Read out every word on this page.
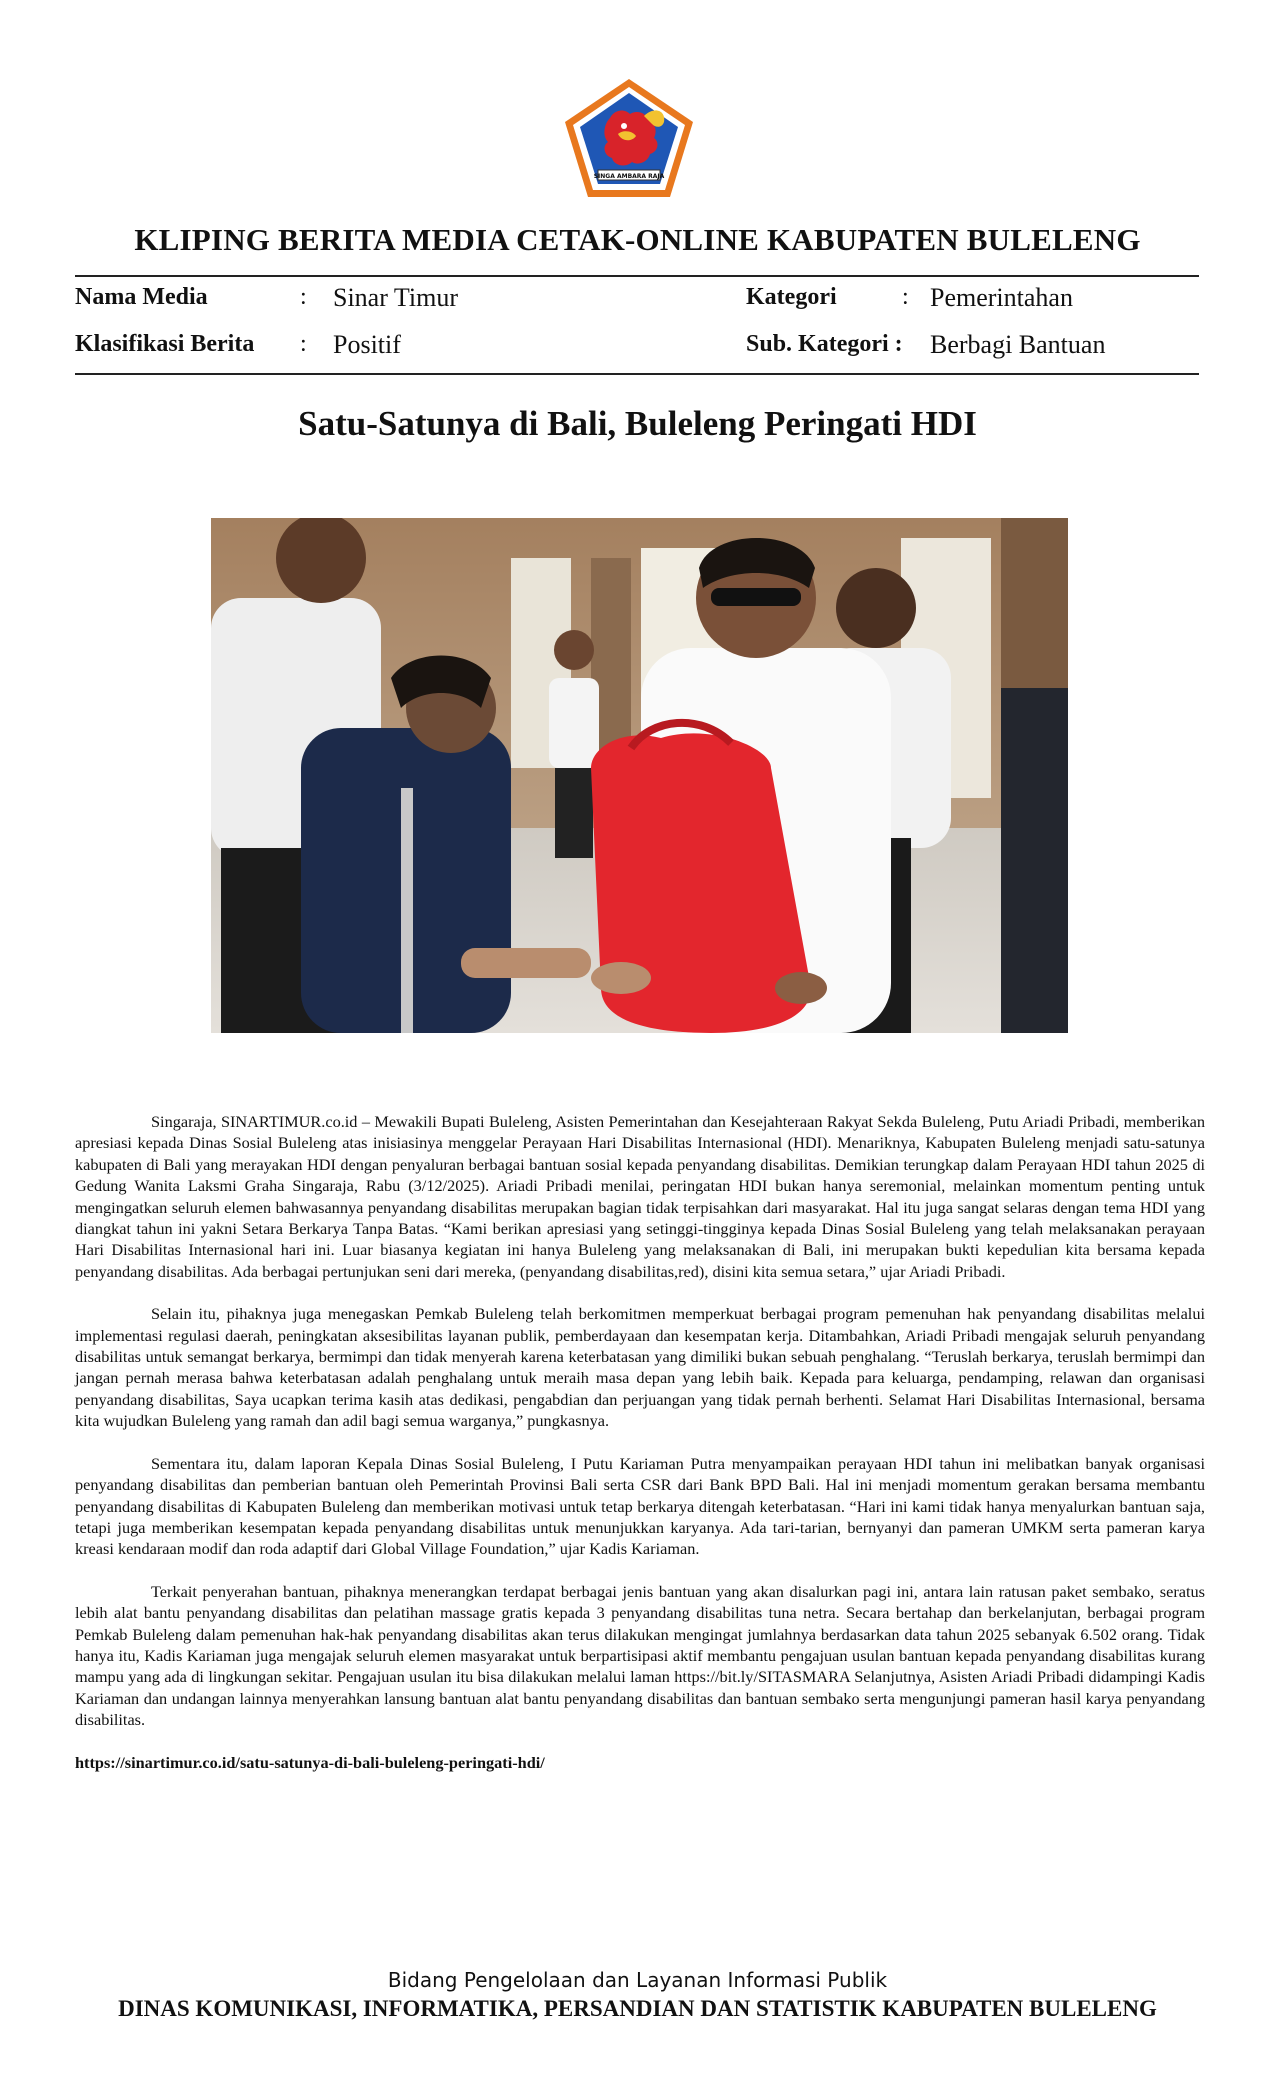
SINGA AMBARA RAJA
KLIPING BERITA MEDIA CETAK-ONLINE KABUPATEN BULELENG
Nama Media	: Sinar Timur	Kategori	: Pemerintahan
Klasifikasi Berita : Positif	Sub. Kategori : Berbagi Bantuan
Satu-Satunya di Bali, Buleleng Peringati HDI

Singaraja, SINARTIMUR.co.id – Mewakili Bupati Buleleng, Asisten Pemerintahan dan Kesejahteraan Rakyat Sekda Buleleng, Putu Ariadi Pribadi, memberikan apresiasi kepada Dinas Sosial Buleleng atas inisiasinya menggelar Perayaan Hari Disabilitas Internasional (HDI). Menariknya, Kabupaten Buleleng menjadi satu-satunya kabupaten di Bali yang merayakan HDI dengan penyaluran berbagai bantuan sosial kepada penyandang disabilitas. Demikian terungkap dalam Perayaan HDI tahun 2025 di Gedung Wanita Laksmi Graha Singaraja, Rabu (3/12/2025). Ariadi Pribadi menilai, peringatan HDI bukan hanya seremonial, melainkan momentum penting untuk mengingatkan seluruh elemen bahwasannya penyandang disabilitas merupakan bagian tidak terpisahkan dari masyarakat. Hal itu juga sangat selaras dengan tema HDI yang diangkat tahun ini yakni Setara Berkarya Tanpa Batas. “Kami berikan apresiasi yang setinggi-tingginya kepada Dinas Sosial Buleleng yang telah melaksanakan perayaan Hari Disabilitas Internasional hari ini. Luar biasanya kegiatan ini hanya Buleleng yang melaksanakan di Bali, ini merupakan bukti kepedulian kita bersama kepada penyandang disabilitas. Ada berbagai pertunjukan seni dari mereka, (penyandang disabilitas,red), disini kita semua setara,” ujar Ariadi Pribadi.

Selain itu, pihaknya juga menegaskan Pemkab Buleleng telah berkomitmen memperkuat berbagai program pemenuhan hak penyandang disabilitas melalui implementasi regulasi daerah, peningkatan aksesibilitas layanan publik, pemberdayaan dan kesempatan kerja. Ditambahkan, Ariadi Pribadi mengajak seluruh penyandang disabilitas untuk semangat berkarya, bermimpi dan tidak menyerah karena keterbatasan yang dimiliki bukan sebuah penghalang. “Teruslah berkarya, teruslah bermimpi dan jangan pernah merasa bahwa keterbatasan adalah penghalang untuk meraih masa depan yang lebih baik. Kepada para keluarga, pendamping, relawan dan organisasi penyandang disabilitas, Saya ucapkan terima kasih atas dedikasi, pengabdian dan perjuangan yang tidak pernah berhenti. Selamat Hari Disabilitas Internasional, bersama kita wujudkan Buleleng yang ramah dan adil bagi semua warganya,” pungkasnya.

Sementara itu, dalam laporan Kepala Dinas Sosial Buleleng, I Putu Kariaman Putra menyampaikan perayaan HDI tahun ini melibatkan banyak organisasi penyandang disabilitas dan pemberian bantuan oleh Pemerintah Provinsi Bali serta CSR dari Bank BPD Bali. Hal ini menjadi momentum gerakan bersama membantu penyandang disabilitas di Kabupaten Buleleng dan memberikan motivasi untuk tetap berkarya ditengah keterbatasan. “Hari ini kami tidak hanya menyalurkan bantuan saja, tetapi juga memberikan kesempatan kepada penyandang disabilitas untuk menunjukkan karyanya. Ada tari-tarian, bernyanyi dan pameran UMKM serta pameran karya kreasi kendaraan modif dan roda adaptif dari Global Village Foundation,” ujar Kadis Kariaman.

Terkait penyerahan bantuan, pihaknya menerangkan terdapat berbagai jenis bantuan yang akan disalurkan pagi ini, antara lain ratusan paket sembako, seratus lebih alat bantu penyandang disabilitas dan pelatihan massage gratis kepada 3 penyandang disabilitas tuna netra. Secara bertahap dan berkelanjutan, berbagai program Pemkab Buleleng dalam pemenuhan hak-hak penyandang disabilitas akan terus dilakukan mengingat jumlahnya berdasarkan data tahun 2025 sebanyak 6.502 orang. Tidak hanya itu, Kadis Kariaman juga mengajak seluruh elemen masyarakat untuk berpartisipasi aktif membantu pengajuan usulan bantuan kepada penyandang disabilitas kurang mampu yang ada di lingkungan sekitar. Pengajuan usulan itu bisa dilakukan melalui laman https://bit.ly/SITASMARA Selanjutnya, Asisten Ariadi Pribadi didampingi Kadis Kariaman dan undangan lainnya menyerahkan lansung bantuan alat bantu penyandang disabilitas dan bantuan sembako serta mengunjungi pameran hasil karya penyandang disabilitas.

https://sinartimur.co.id/satu-satunya-di-bali-buleleng-peringati-hdi/
Bidang Pengelolaan dan Layanan Informasi Publik
DINAS KOMUNIKASI, INFORMATIKA, PERSANDIAN DAN STATISTIK KABUPATEN BULELENG
